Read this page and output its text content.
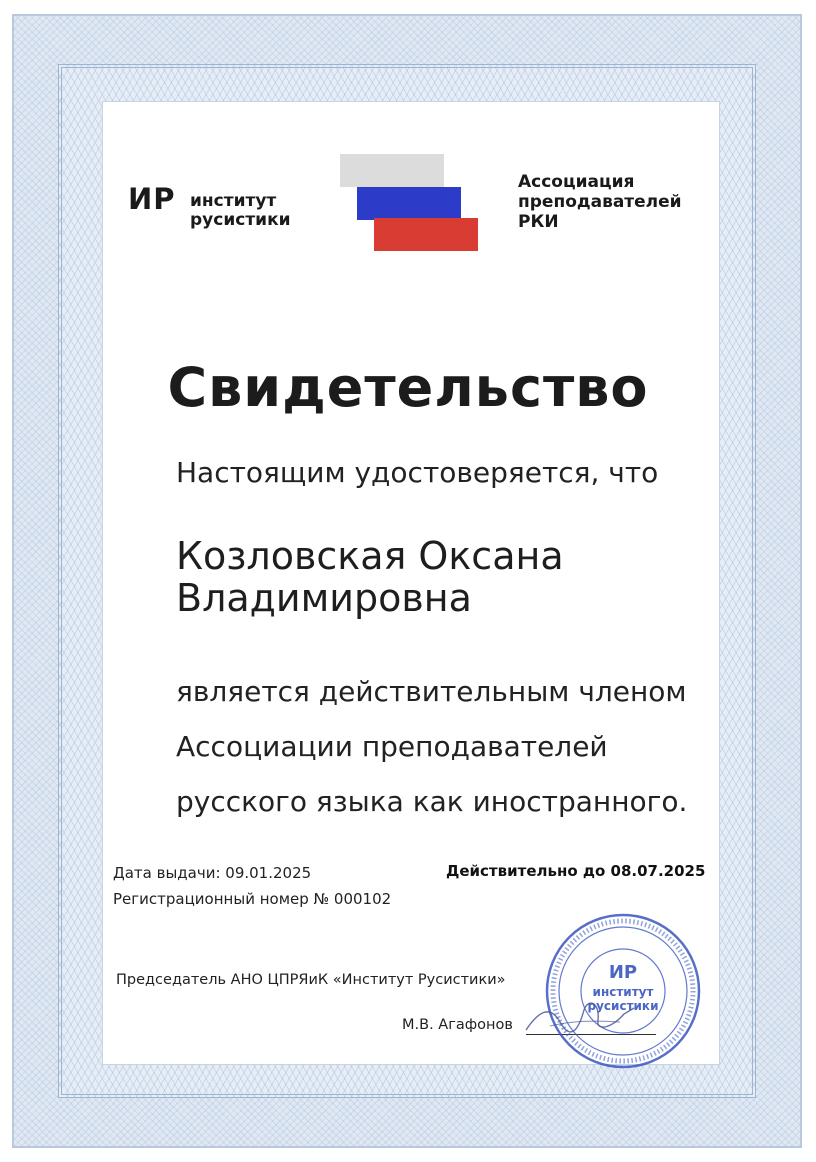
ИР институт
русистики
Ассоциация
преподавателей
РКИ
Свидетельство
Настоящим удостоверяется, что
Козловская Оксана
Владимировна
является действительным членом
Ассоциации преподавателей
русского языка как иностранного.
Дата выдачи: 09.01.2025
Регистрационный номер № 000102
Действительно до 08.07.2025
Председатель АНО ЦПРЯиК «Институт Русистики»
М.В. Агафонов
ИР
институт
русистики
